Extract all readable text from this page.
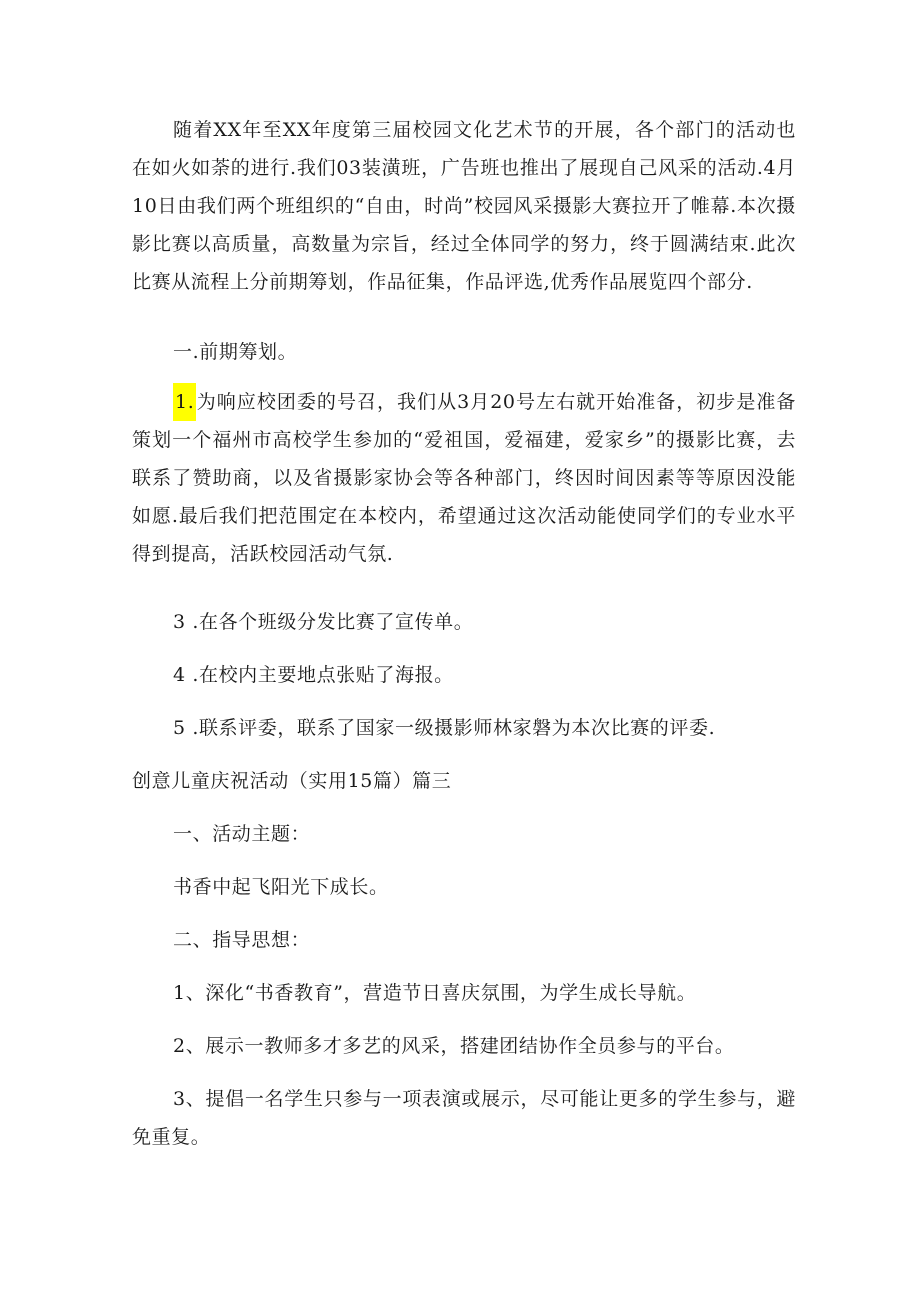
随着XX年至XX年度第三届校园文化艺术节的开展，各个部门的活动也在如火如荼的进行.我们03装潢班，广告班也推出了展现自己风采的活动.4月10日由我们两个班组织的“自由，时尚”校园风采摄影大赛拉开了帷幕.本次摄影比赛以高质量，高数量为宗旨，经过全体同学的努力，终于圆满结束.此次比赛从流程上分前期筹划，作品征集，作品评选,优秀作品展览四个部分.

一.前期筹划。

1. 为响应校团委的号召，我们从3月20号左右就开始准备，初步是准备策划一个福州市高校学生参加的“爱祖国，爱福建，爱家乡”的摄影比赛，去联系了赞助商，以及省摄影家协会等各种部门，终因时间因素等等原因没能如愿.最后我们把范围定在本校内，希望通过这次活动能使同学们的专业水平得到提高，活跃校园活动气氛.

3 .在各个班级分发比赛了宣传单。

4 .在校内主要地点张贴了海报。

5 .联系评委，联系了国家一级摄影师林家磐为本次比赛的评委.

创意儿童庆祝活动（实用15篇）篇三

一、活动主题：

书香中起飞阳光下成长。

二、指导思想：

1、深化“书香教育”，营造节日喜庆氛围，为学生成长导航。

2、展示一教师多才多艺的风采，搭建团结协作全员参与的平台。

3、提倡一名学生只参与一项表演或展示，尽可能让更多的学生参与，避免重复。
